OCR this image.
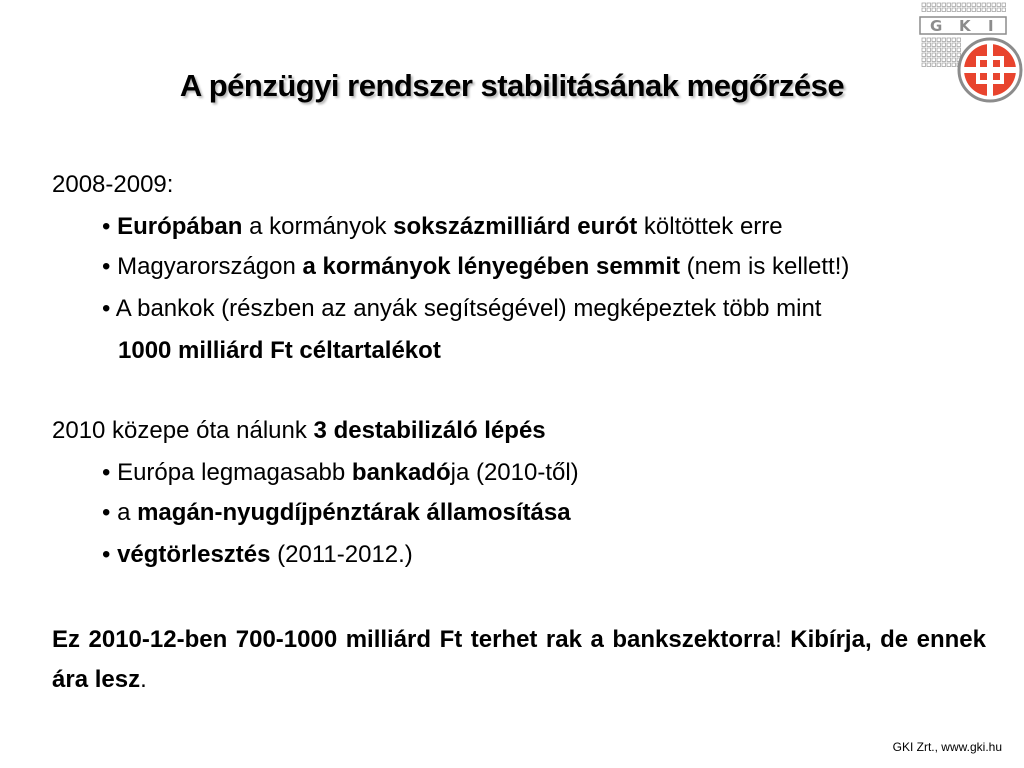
G K I
A pénzügyi rendszer stabilitásának megőrzése
2008-2009:
• Európában a kormányok sokszázmilliárd eurót költöttek erre
• Magyarországon a kormányok lényegében semmit (nem is kellett!)
• A bankok (részben az anyák segítségével) megképeztek több mint
1000 milliárd Ft céltartalékot
2010 közepe óta nálunk 3 destabilizáló lépés
• Európa legmagasabb bankadója (2010-től)
• a magán-nyugdíjpénztárak államosítása
• végtörlesztés (2011-2012.)
Ez 2010-12-ben 700-1000 milliárd Ft terhet rak a bankszektorra! Kibírja, de ennek ára lesz.
GKI Zrt., www.gki.hu
